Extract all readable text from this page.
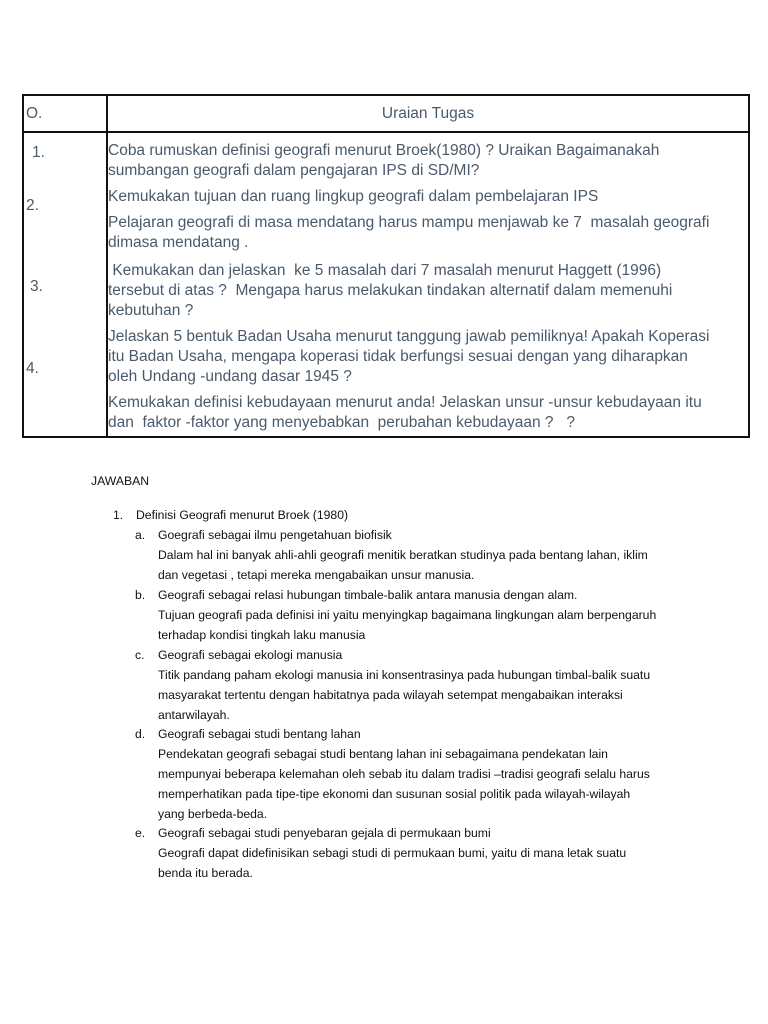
O.	Uraian Tugas
1.
2.
3.
4.
Coba rumuskan definisi geografi menurut Broek(1980) ? Uraikan Bagaimanakah
sumbangan geografi dalam pengajaran IPS di SD/MI?
Kemukakan tujuan dan ruang lingkup geografi dalam pembelajaran IPS
Pelajaran geografi di masa mendatang harus mampu menjawab ke 7  masalah geografi
dimasa mendatang .
Kemukakan dan jelaskan  ke 5 masalah dari 7 masalah menurut Haggett (1996)
tersebut di atas ?  Mengapa harus melakukan tindakan alternatif dalam memenuhi
kebutuhan ?
Jelaskan 5 bentuk Badan Usaha menurut tanggung jawab pemiliknya! Apakah Koperasi
itu Badan Usaha, mengapa koperasi tidak berfungsi sesuai dengan yang diharapkan
oleh Undang -undang dasar 1945 ?
Kemukakan definisi kebudayaan menurut anda! Jelaskan unsur -unsur kebudayaan itu
dan  faktor -faktor yang menyebabkan  perubahan kebudayaan ?   ?
JAWABAN
1. Definisi Geografi menurut Broek (1980)
a. Goegrafi sebagai ilmu pengetahuan biofisik
Dalam hal ini banyak ahli-ahli geografi menitik beratkan studinya pada bentang lahan, iklim
dan vegetasi , tetapi mereka mengabaikan unsur manusia.
b. Geografi sebagai relasi hubungan timbale-balik antara manusia dengan alam.
Tujuan geografi pada definisi ini yaitu menyingkap bagaimana lingkungan alam berpengaruh
terhadap kondisi tingkah laku manusia
c. Geografi sebagai ekologi manusia
Titik pandang paham ekologi manusia ini konsentrasinya pada hubungan timbal-balik suatu
masyarakat tertentu dengan habitatnya pada wilayah setempat mengabaikan interaksi
antarwilayah.
d. Geografi sebagai studi bentang lahan
Pendekatan geografi sebagai studi bentang lahan ini sebagaimana pendekatan lain
mempunyai beberapa kelemahan oleh sebab itu dalam tradisi –tradisi geografi selalu harus
memperhatikan pada tipe-tipe ekonomi dan susunan sosial politik pada wilayah-wilayah
yang berbeda-beda.
e. Geografi sebagai studi penyebaran gejala di permukaan bumi
Geografi dapat didefinisikan sebagi studi di permukaan bumi, yaitu di mana letak suatu
benda itu berada.
